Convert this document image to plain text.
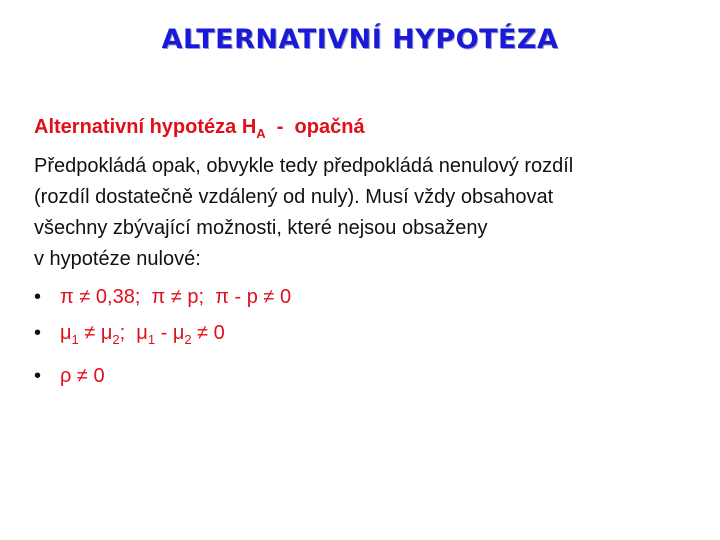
ALTERNATIVNÍ HYPOTÉZA
Alternativní hypotéza $H_A$  -  opačná
Předpokládá opak, obvykle tedy předpokládá nenulový rozdíl
(rozdíl dostatečně vzdálený od nuly). Musí vždy obsahovat
všechny zbývající možnosti, které nejsou obsaženy
v hypotéze nulové:
• π ≠ 0,38;  π ≠ p;  π - p ≠ 0
• $\mu_1 \ne \mu_2$;  $\mu_1 - \mu_2 \ne 0$
• ρ ≠ 0
